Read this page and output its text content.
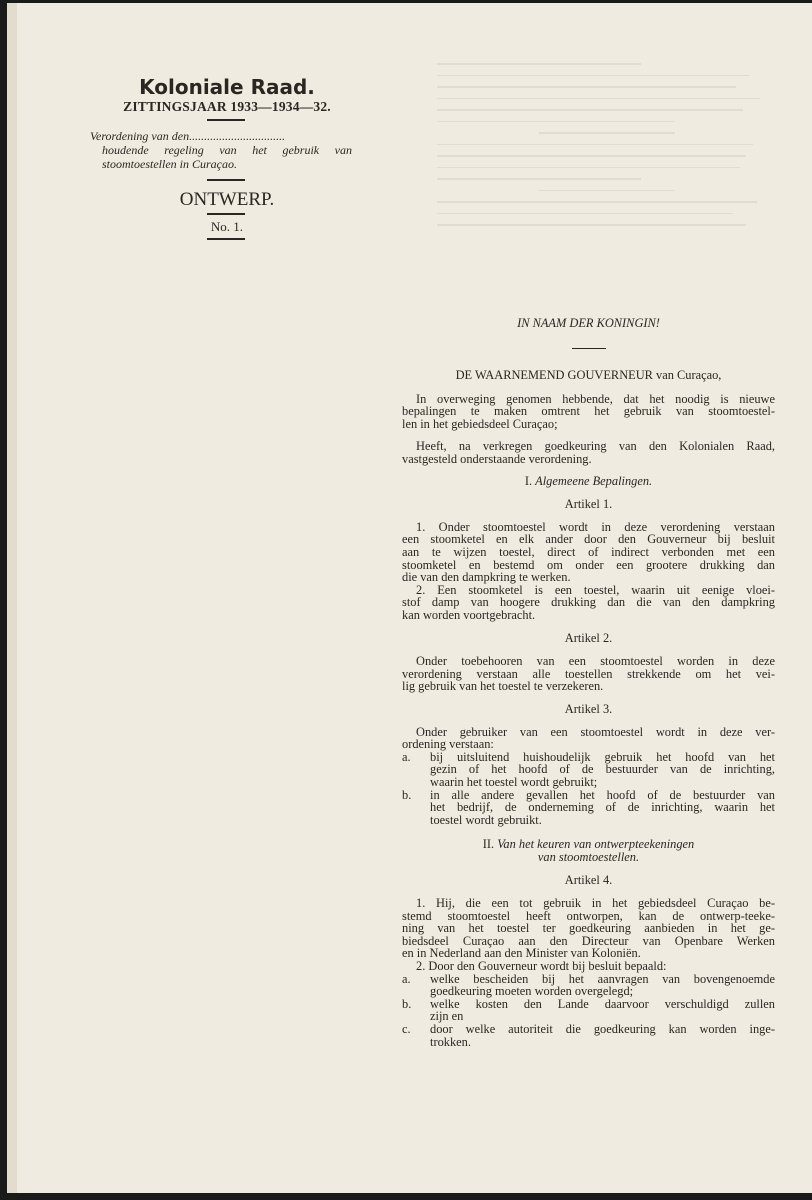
Koloniale Raad.
ZITTINGSJAAR 1933—1934—32.
Verordening van den................................
houdende regeling van het gebruik van
stoomtoestellen in Curaçao.
ONTWERP.
No. 1.
IN NAAM DER KONINGIN!
DE WAARNEMEND GOUVERNEUR van Curaçao,
In overweging genomen hebbende, dat het noodig is nieuwe
bepalingen te maken omtrent het gebruik van stoomtoestel-
len in het gebiedsdeel Curaçao;
Heeft, na verkregen goedkeuring van den Kolonialen Raad,
vastgesteld onderstaande verordening.
I. Algemeene Bepalingen.
Artikel 1.
1. Onder stoomtoestel wordt in deze verordening verstaan
een stoomketel en elk ander door den Gouverneur bij besluit
aan te wijzen toestel, direct of indirect verbonden met een
stoomketel en bestemd om onder een grootere drukking dan
die van den dampkring te werken.
2. Een stoomketel is een toestel, waarin uit eenige vloei-
stof damp van hoogere drukking dan die van den dampkring
kan worden voortgebracht.
Artikel 2.
Onder toebehooren van een stoomtoestel worden in deze
verordening verstaan alle toestellen strekkende om het vei-
lig gebruik van het toestel te verzekeren.
Artikel 3.
Onder gebruiker van een stoomtoestel wordt in deze ver-
ordening verstaan:
a. bij uitsluitend huishoudelijk gebruik het hoofd van het
gezin of het hoofd of de bestuurder van de inrichting,
waarin het toestel wordt gebruikt;
b. in alle andere gevallen het hoofd of de bestuurder van
het bedrijf, de onderneming of de inrichting, waarin het
toestel wordt gebruikt.
II. Van het keuren van ontwerpteekeningen
van stoomtoestellen.
Artikel 4.
1. Hij, die een tot gebruik in het gebiedsdeel Curaçao be-
stemd stoomtoestel heeft ontworpen, kan de ontwerp-teeke-
ning van het toestel ter goedkeuring aanbieden in het ge-
biedsdeel Curaçao aan den Directeur van Openbare Werken
en in Nederland aan den Minister van Koloniën.
2. Door den Gouverneur wordt bij besluit bepaald:
a. welke bescheiden bij het aanvragen van bovengenoemde
goedkeuring moeten worden overgelegd;
b. welke kosten den Lande daarvoor verschuldigd zullen
zijn en
c. door welke autoriteit die goedkeuring kan worden inge-
trokken.
